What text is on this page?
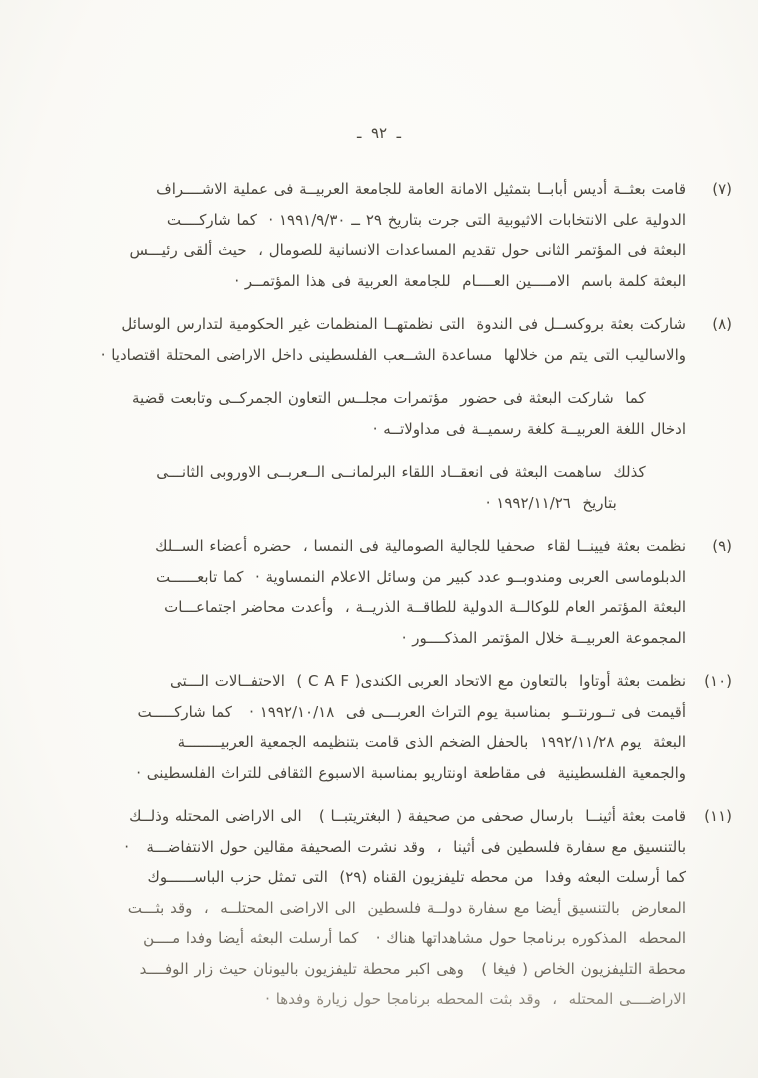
ـ  ٩٢  ـ
(٧)
قامت بعثــة أديس أبابــا بتمثيل الامانة العامة للجامعة العربيــة فى عملية الاشــــراف
الدولية على الانتخابات الاثيوبية التى جرت بتاريخ ٢٩ ــ ١٩٩١/٩/٣٠ ·  كما شاركــــت
البعثة فى المؤتمر الثانى حول تقديم المساعدات الانسانية للصومال ،  حيث ألقى رئيـــس
البعثة كلمة باسم  الامــــين العــــام  للجامعة العربية فى هذا المؤتمــر ·
(٨)
شاركت بعثة بروكســل فى الندوة  التى نظمتهــا المنظمات غير الحكومية لتدارس الوسائل
والاساليب التى يتم من خلالها  مساعدة الشــعب الفلسطينى داخل الاراضى المحتلة اقتصاديا ·
كما  شاركت البعثة فى حضور  مؤتمرات مجلــس التعاون الجمركــى وتابعت قضية
ادخال اللغة العربيــة كلغة رسميــة فى مداولاتــه ·
كذلك  ساهمت البعثة فى انعقــاد اللقاء البرلمانــى الــعربــى الاوروبى الثانـــى
بتاريخ  ١٩٩٢/١١/٢٦ ·
(٩)
نظمت بعثة فيينــا لقاء  صحفيا للجالية الصومالية فى النمسا ،  حضره أعضاء الســلك
الدبلوماسى العربى ومندوبــو عدد كبير من وسائل الاعلام النمساوية ·  كما تابعــــــت
البعثة المؤتمر العام للوكالــة الدولية للطاقــة الذريــة ،  وأعدت محاضر اجتماعـــات
المجموعة العربيــة خلال المؤتمر المذكــــور ·
(١٠)
نظمت بعثة أوتاوا  بالتعاون مع الاتحاد العربى الكندى( C A F )  الاحتفــالات الـــتى
أقيمت فى تــورنتــو  بمناسبة يوم التراث العربـــى فى  ١٩٩٢/١٠/١٨ ·   كما شاركـــــت
البعثة  يوم ١٩٩٢/١١/٢٨  بالحفل الضخم الذى قامت بتنظيمه الجمعية العربيــــــــة
والجمعية الفلسطينية  فى مقاطعة اونتاريو بمناسبة الاسبوع الثقافى للتراث الفلسطينى ·
(١١)
قامت بعثة أثينــا  بارسال صحفى من صحيفة ( البغتريتبــا )   الى الاراضى المحتله وذلــك
بالتنسيق مع سفارة فلسطين فى أثينا  ،  وقد نشرت الصحيفة مقالين حول الانتفاضـــة   ·
كما أرسلت البعثه وفدا  من محطه تليفزيون القناه (٢٩)  التى تمثل حزب الباســــــوك
المعارض  بالتنسيق أيضا مع سفارة دولــة فلسطين  الى الاراضى المحتلــه  ،  وقد بثـــت
المحطه  المذكوره برنامجا حول مشاهداتها هناك ·   كما أرسلت البعثه أيضا وفدا مــــن
محطة التليفزيون الخاص ( فيغا )   وهى اكبر محطة تليفزيون باليونان حيث زار الوفــــد
الاراضــــى المحتله  ،  وقد بثت المحطه برنامجا حول زيارة وفدها ·
